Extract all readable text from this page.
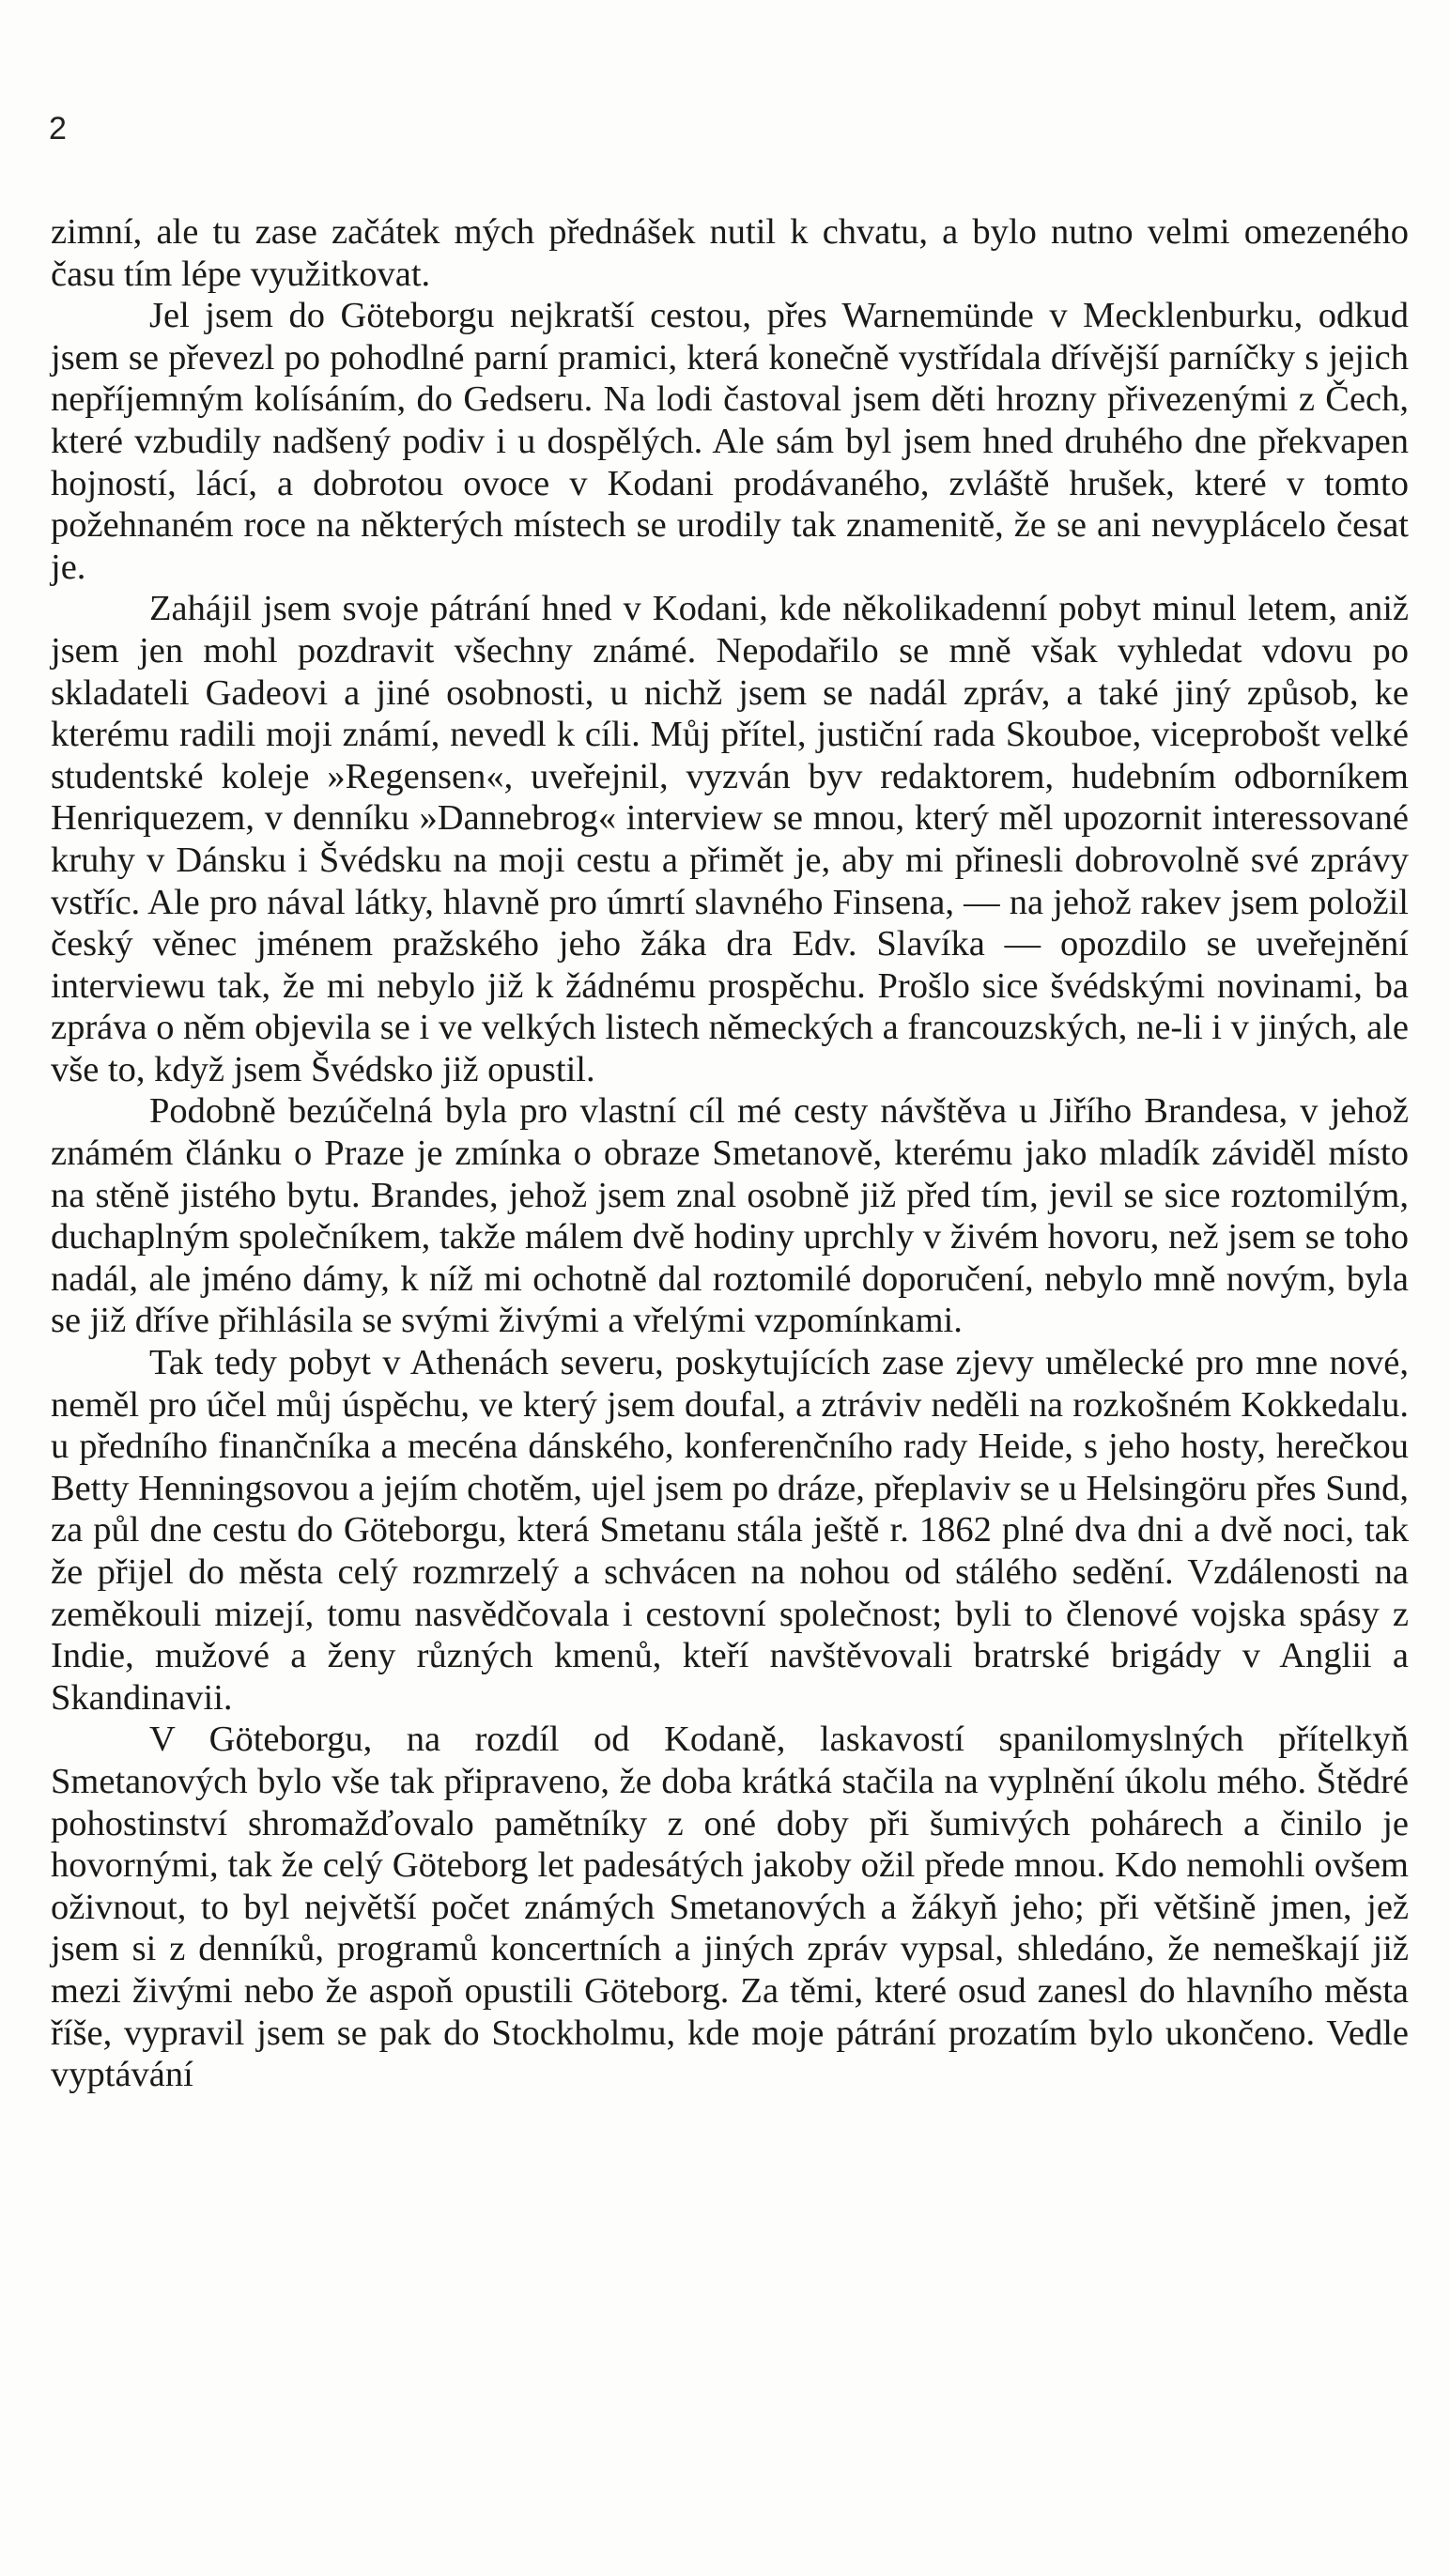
2

zimní, ale tu zase začátek mých přednášek nutil k chvatu, a bylo nutno velmi omezeného času tím lépe využitkovat.

Jel jsem do Göteborgu nejkratší cestou, přes Warnemünde v Mecklenburku, odkud jsem se převezl po pohodlné parní pramici, která konečně vystřídala dřívější parníčky s jejich nepříjemným kolísáním, do Gedseru. Na lodi častoval jsem děti hrozny přivezenými z Čech, které vzbudily nadšený podiv i u dospělých. Ale sám byl jsem hned druhého dne překvapen hojností, lácí, a dobrotou ovoce v Kodani prodávaného, zvláště hrušek, které v tomto požehnaném roce na některých místech se urodily tak znamenitě, že se ani nevyplácelo česat je.

Zahájil jsem svoje pátrání hned v Kodani, kde několikadenní pobyt minul letem, aniž jsem jen mohl pozdravit všechny známé. Nepodařilo se mně však vyhledat vdovu po skladateli Gadeovi a jiné osobnosti, u nichž jsem se nadál zpráv, a také jiný způsob, ke kterému radili moji známí, nevedl k cíli. Můj přítel, justiční rada Skouboe, viceprobošt velké studentské koleje »Regensen«, uveřejnil, vyzván byv redaktorem, hudebním odborníkem Henriquezem, v denníku »Dannebrog« interview se mnou, který měl upozornit interessované kruhy v Dánsku i Švédsku na moji cestu a přimět je, aby mi přinesli dobrovolně své zprávy vstříc. Ale pro nával látky, hlavně pro úmrtí slavného Finsena, — na jehož rakev jsem položil český věnec jménem pražského jeho žáka dra Edv. Slavíka — opozdilo se uveřejnění interviewu tak, že mi nebylo již k žádnému prospěchu. Prošlo sice švédskými novinami, ba zpráva o něm objevila se i ve velkých listech německých a francouzských, ne-li i v jiných, ale vše to, když jsem Švédsko již opustil.

Podobně bezúčelná byla pro vlastní cíl mé cesty návštěva u Jiřího Brandesa, v jehož známém článku o Praze je zmínka o obraze Smetanově, kterému jako mladík záviděl místo na stěně jistého bytu. Brandes, jehož jsem znal osobně již před tím, jevil se sice roztomilým, duchaplným společníkem, takže málem dvě hodiny uprchly v živém hovoru, než jsem se toho nadál, ale jméno dámy, k níž mi ochotně dal roztomilé doporučení, nebylo mně novým, byla se již dříve přihlásila se svými živými a vřelými vzpomínkami.

Tak tedy pobyt v Athenách severu, poskytujících zase zjevy umělecké pro mne nové, neměl pro účel můj úspěchu, ve který jsem doufal, a ztráviv neděli na rozkošném Kokkedalu. u předního finančníka a mecéna dánského, konferenčního rady Heide, s jeho hosty, herečkou Betty Henningsovou a jejím chotěm, ujel jsem po dráze, přeplaviv se u Helsingöru přes Sund, za půl dne cestu do Göteborgu, která Smetanu stála ještě r. 1862 plné dva dni a dvě noci, tak že přijel do města celý rozmrzelý a schvácen na nohou od stálého sedění. Vzdálenosti na zeměkouli mizejí, tomu nasvědčovala i cestovní společnost; byli to členové vojska spásy z Indie, mužové a ženy různých kmenů, kteří navštěvovali bratrské brigády v Anglii a Skandinavii.

V Göteborgu, na rozdíl od Kodaně, laskavostí spanilomyslných přítelkyň Smetanových bylo vše tak připraveno, že doba krátká stačila na vyplnění úkolu mého. Štědré pohostinství shromažďovalo pamětníky z oné doby při šumivých pohárech a činilo je hovornými, tak že celý Göteborg let padesátých jakoby ožil přede mnou. Kdo nemohli ovšem oživnout, to byl největší počet známých Smetanových a žákyň jeho; při většině jmen, jež jsem si z denníků, programů koncertních a jiných zpráv vypsal, shledáno, že nemeškají již mezi živými nebo že aspoň opustili Göteborg. Za těmi, které osud zanesl do hlavního města říše, vypravil jsem se pak do Stockholmu, kde moje pátrání prozatím bylo ukončeno. Vedle vyptávání
